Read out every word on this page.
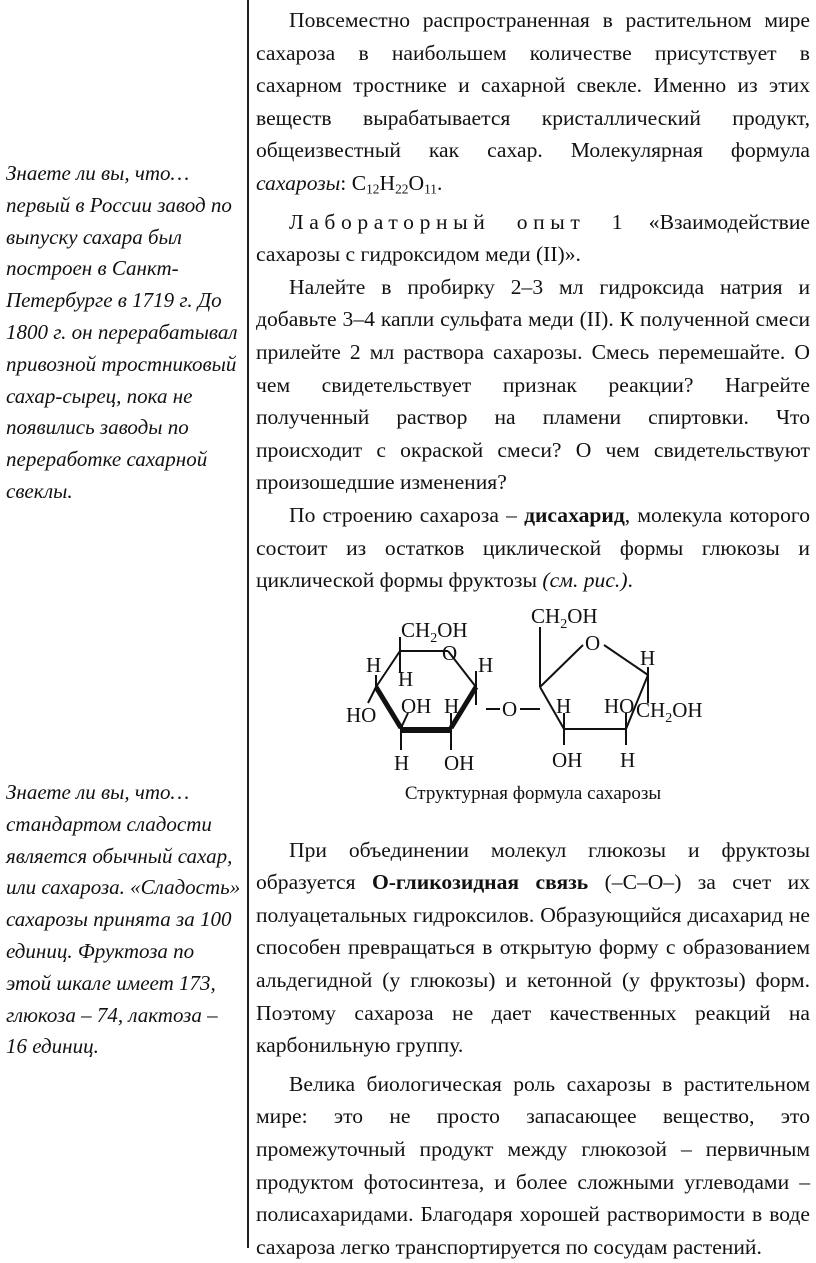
Знаете ли вы, что… первый в России завод по выпуску сахара был построен в Санкт-Петербурге в 1719 г. До 1800 г. он перерабатывал привозной тростниковый сахар-сырец, пока не появились заводы по переработке сахарной свеклы.
Знаете ли вы, что… стандартом сладости является обычный сахар, или сахароза. «Сладость» сахарозы принята за 100 единиц. Фруктоза по этой шкале имеет 173, глюкоза – 74, лактоза – 16 единиц.

Повсеместно распространенная в растительном мире сахароза в наибольшем количестве присутствует в сахарном тростнике и сахарной свекле. Именно из этих веществ вырабатывается кристаллический продукт, общеизвестный как сахар. Молекулярная формула сахарозы: $C_{12}H_{22}O_{11}$.

Лабораторный опыт 1 «Взаимодействие сахарозы с гидроксидом меди (II)».

Налейте в пробирку 2–3 мл гидроксида натрия и добавьте 3–4 капли сульфата меди (II). К полученной смеси прилейте 2 мл раствора сахарозы. Смесь перемешайте. О чем свидетельствует признак реакции? Нагрейте полученный раствор на пламени спиртовки. Что происходит с окраской смеси? О чем свидетельствуют произошедшие изменения?

По строению сахароза – дисахарид, молекула которого состоит из остатков циклической формы глюкозы и циклической формы фруктозы (см. рис.).

$CH_2OH$
O
H
H
H
HO OH H
H OH
O
$CH_2OH$
O
H
H HO $CH_2OH$
OH H
Структурная формула сахарозы

При объединении молекул глюкозы и фруктозы образуется О-гликозидная связь (–С–О–) за счет их полуацетальных гидроксилов. Образующийся дисахарид не способен превращаться в открытую форму с образованием альдегидной (у глюкозы) и кетонной (у фруктозы) форм. Поэтому сахароза не дает качественных реакций на карбонильную группу.

Велика биологическая роль сахарозы в растительном мире: это не просто запасающее вещество, это промежуточный продукт между глюкозой – первичным продуктом фотосинтеза, и более сложными углеводами – полисахаридами. Благодаря хорошей растворимости в воде сахароза легко транспортируется по сосудам растений.
